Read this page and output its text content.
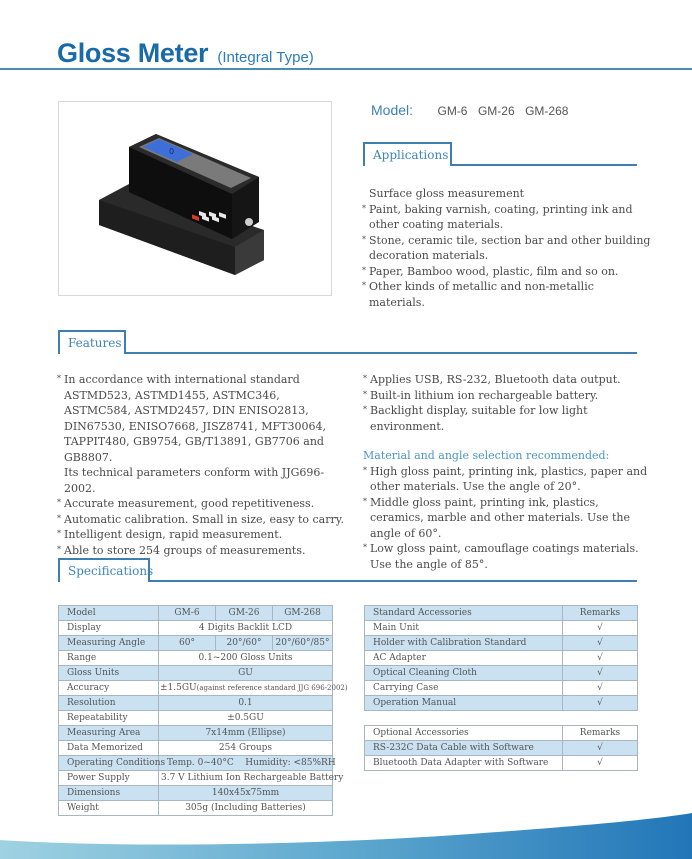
Gloss Meter (Integral Type)
0
Model: GM-6 GM-26 GM-268
Applications
Surface gloss measurement
* Paint, baking varnish, coating, printing ink and other coating materials.
* Stone, ceramic tile, section bar and other building decoration materials.
* Paper, Bamboo wood, plastic, film and so on.
* Other kinds of metallic and non-metallic materials.
Features
* In accordance with international standard ASTMD523, ASTMD1455, ASTMC346, ASTMC584, ASTMD2457, DIN ENISO2813, DIN67530, ENISO7668, JISZ8741, MFT30064, TAPPIT480, GB9754, GB/T13891, GB7706 and GB8807.
Its technical parameters conform with JJG696-2002.
* Accurate measurement, good repetitiveness.
* Automatic calibration. Small in size, easy to carry.
* Intelligent design, rapid measurement.
* Able to store 254 groups of measurements.
* Applies USB, RS-232, Bluetooth data output.
* Built-in lithium ion rechargeable battery.
* Backlight display, suitable for low light environment.
Material and angle selection recommended:
* High gloss paint, printing ink, plastics, paper and other materials. Use the angle of 20°.
* Middle gloss paint, printing ink, plastics, ceramics, marble and other materials. Use the angle of 60°.
* Low gloss paint, camouflage coatings materials. Use the angle of 85°.
Specifications
Model	GM-6	GM-26	GM-268
Display	4 Digits Backlit LCD		
Measuring Angle	60°	20°/60°	20°/60°/85°
Range	0.1~200 Gloss Units		
Gloss Units	GU		
Accuracy	±1.5GU(against reference standard JJG 696-2002)		
Resolution	0.1		
Repeatability	±0.5GU		
Measuring Area	7x14mm (Ellipse)		
Data Memorized	254 Groups		
Operating Conditions	Temp. 0~40°C Humidity: <85%RH		
Power Supply	3.7 V Lithium Ion Rechargeable Battery		
Dimensions	140x45x75mm		
Weight	305g (Including Batteries)		
Standard Accessories	Remarks
Main Unit	√
Holder with Calibration Standard	√
AC Adapter	√
Optical Cleaning Cloth	√
Carrying Case	√
Operation Manual	√
Optional Accessories	Remarks
RS-232C Data Cable with Software	√
Bluetooth Data Adapter with Software	√
